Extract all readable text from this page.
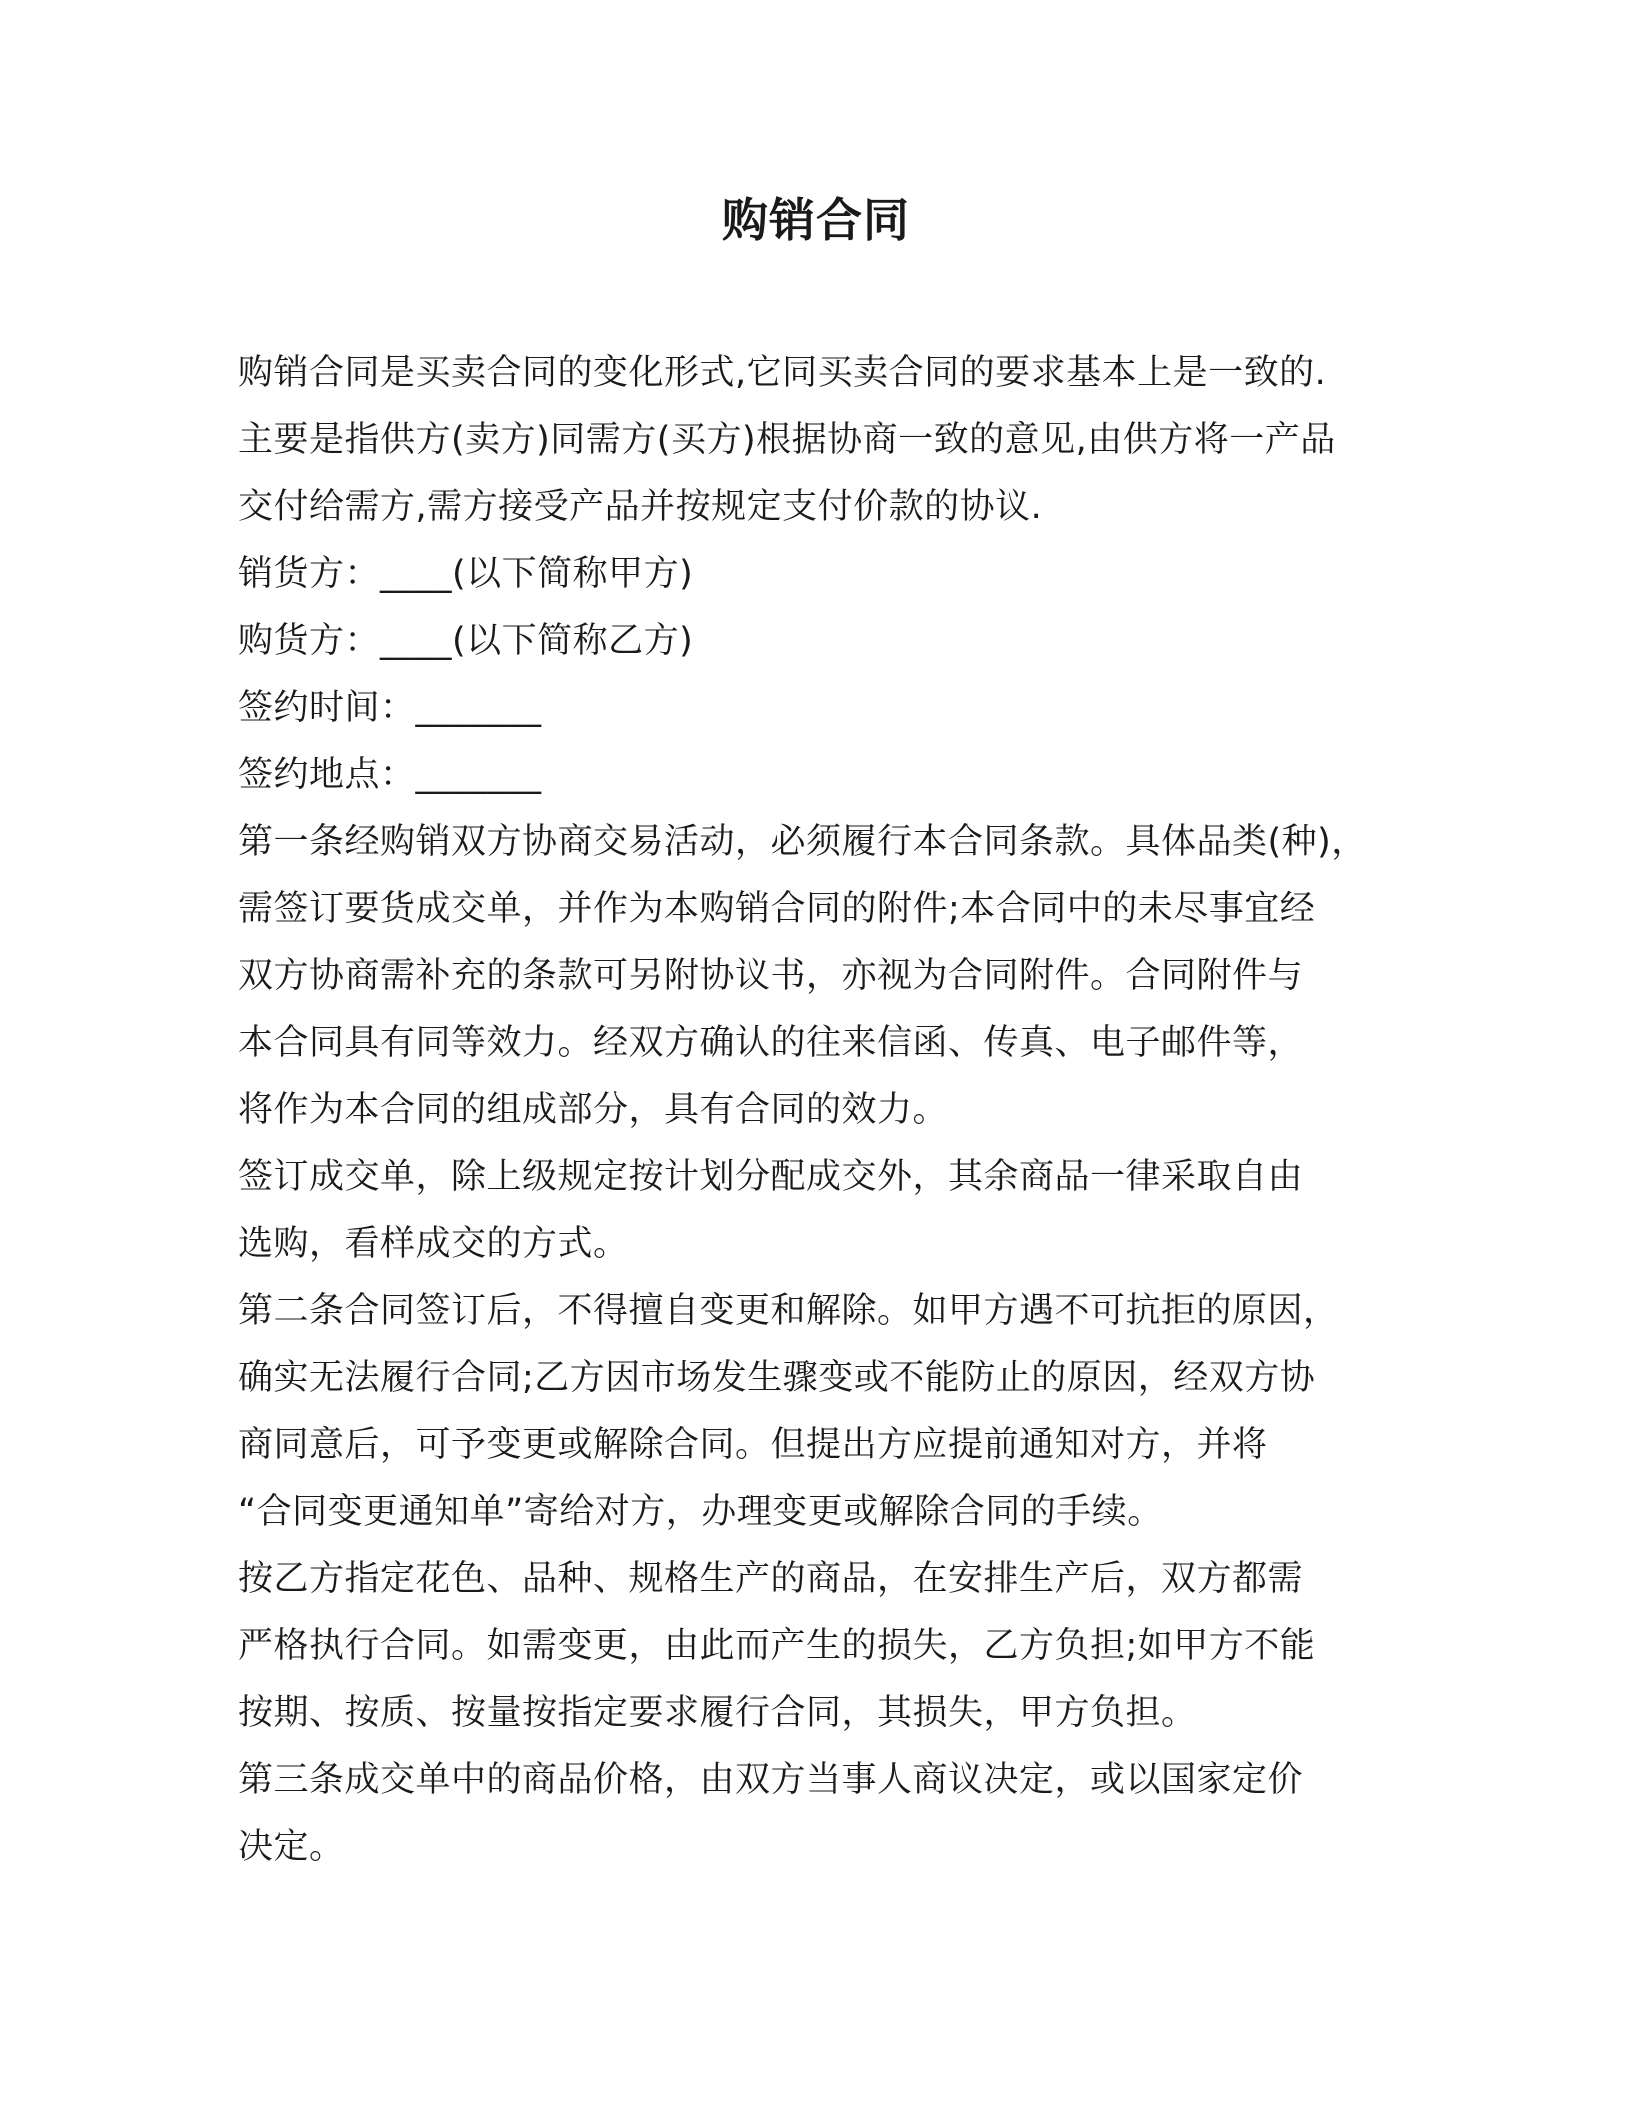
购销合同
购销合同是买卖合同的变化形式,它同买卖合同的要求基本上是一致的.
主要是指供方(卖方)同需方(买方)根据协商一致的意见,由供方将一产品
交付给需方,需方接受产品并按规定支付价款的协议.
销货方：____(以下简称甲方)
购货方：____(以下简称乙方)
签约时间：_______
签约地点：_______
第一条经购销双方协商交易活动，必须履行本合同条款。具体品类(种)，
需签订要货成交单，并作为本购销合同的附件;本合同中的未尽事宜经
双方协商需补充的条款可另附协议书，亦视为合同附件。合同附件与
本合同具有同等效力。经双方确认的往来信函、传真、电子邮件等，
将作为本合同的组成部分，具有合同的效力。
签订成交单，除上级规定按计划分配成交外，其余商品一律采取自由
选购，看样成交的方式。
第二条合同签订后，不得擅自变更和解除。如甲方遇不可抗拒的原因，
确实无法履行合同;乙方因市场发生骤变或不能防止的原因，经双方协
商同意后，可予变更或解除合同。但提出方应提前通知对方，并将
“合同变更通知单”寄给对方，办理变更或解除合同的手续。
按乙方指定花色、品种、规格生产的商品，在安排生产后，双方都需
严格执行合同。如需变更，由此而产生的损失，乙方负担;如甲方不能
按期、按质、按量按指定要求履行合同，其损失，甲方负担。
第三条成交单中的商品价格，由双方当事人商议决定，或以国家定价
决定。
